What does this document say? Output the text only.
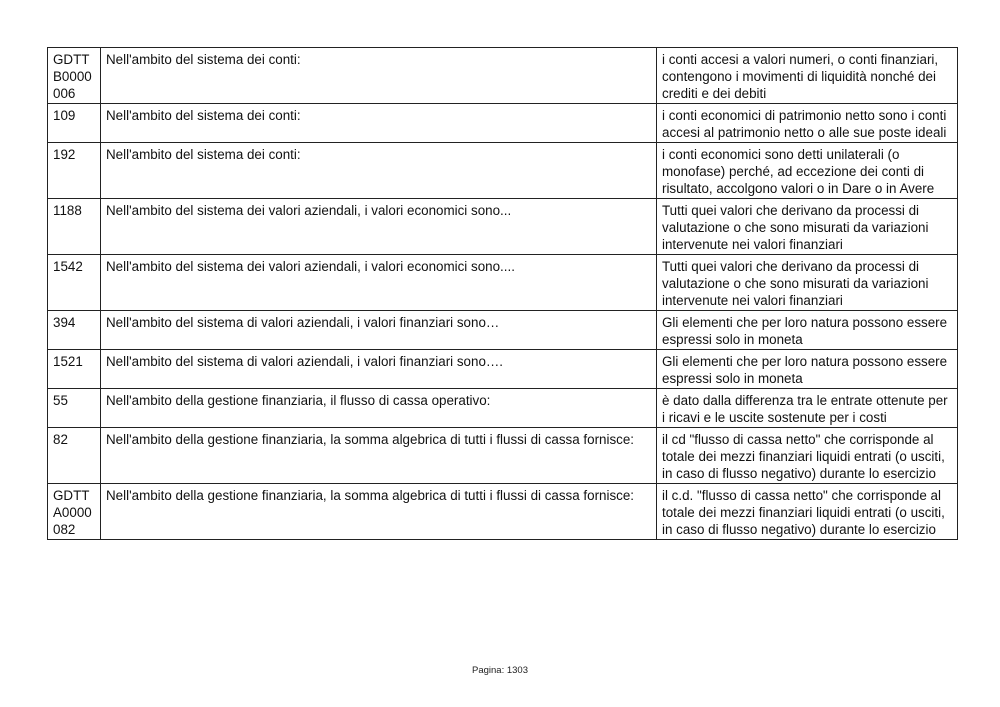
GDTT B0000 006	Nell'ambito del sistema dei conti:	i conti accesi a valori numeri, o conti finanziari, contengono i movimenti di liquidità nonché dei crediti e dei debiti
109	Nell'ambito del sistema dei conti:	i conti economici di patrimonio netto sono i conti accesi al patrimonio netto o alle sue poste ideali
192	Nell'ambito del sistema dei conti:	i conti economici sono detti unilaterali (o monofase) perché, ad eccezione dei conti di risultato, accolgono valori o in Dare o in Avere
1188	Nell'ambito del sistema dei valori aziendali, i valori economici sono...	Tutti quei valori che derivano da processi di valutazione o che sono misurati da variazioni intervenute nei valori finanziari
1542	Nell'ambito del sistema dei valori aziendali, i valori economici sono....	Tutti quei valori che derivano da processi di valutazione o che sono misurati da variazioni intervenute nei valori finanziari
394	Nell'ambito del sistema di valori aziendali, i valori finanziari sono…	Gli elementi che per loro natura possono essere espressi solo in moneta
1521	Nell'ambito del sistema di valori aziendali, i valori finanziari sono….	Gli elementi che per loro natura possono essere espressi solo in moneta
55	Nell'ambito della gestione finanziaria, il flusso di cassa operativo:	è dato dalla differenza tra le entrate ottenute per i ricavi e le uscite sostenute per i costi
82	Nell'ambito della gestione finanziaria, la somma algebrica di tutti i flussi di cassa fornisce:	il cd "flusso di cassa netto" che corrisponde al totale dei mezzi finanziari liquidi entrati (o usciti, in caso di flusso negativo) durante lo esercizio
GDTT A0000 082	Nell'ambito della gestione finanziaria, la somma algebrica di tutti i flussi di cassa fornisce:	il c.d. "flusso di cassa netto" che corrisponde al totale dei mezzi finanziari liquidi entrati (o usciti, in caso di flusso negativo) durante lo esercizio
Pagina: 1303
